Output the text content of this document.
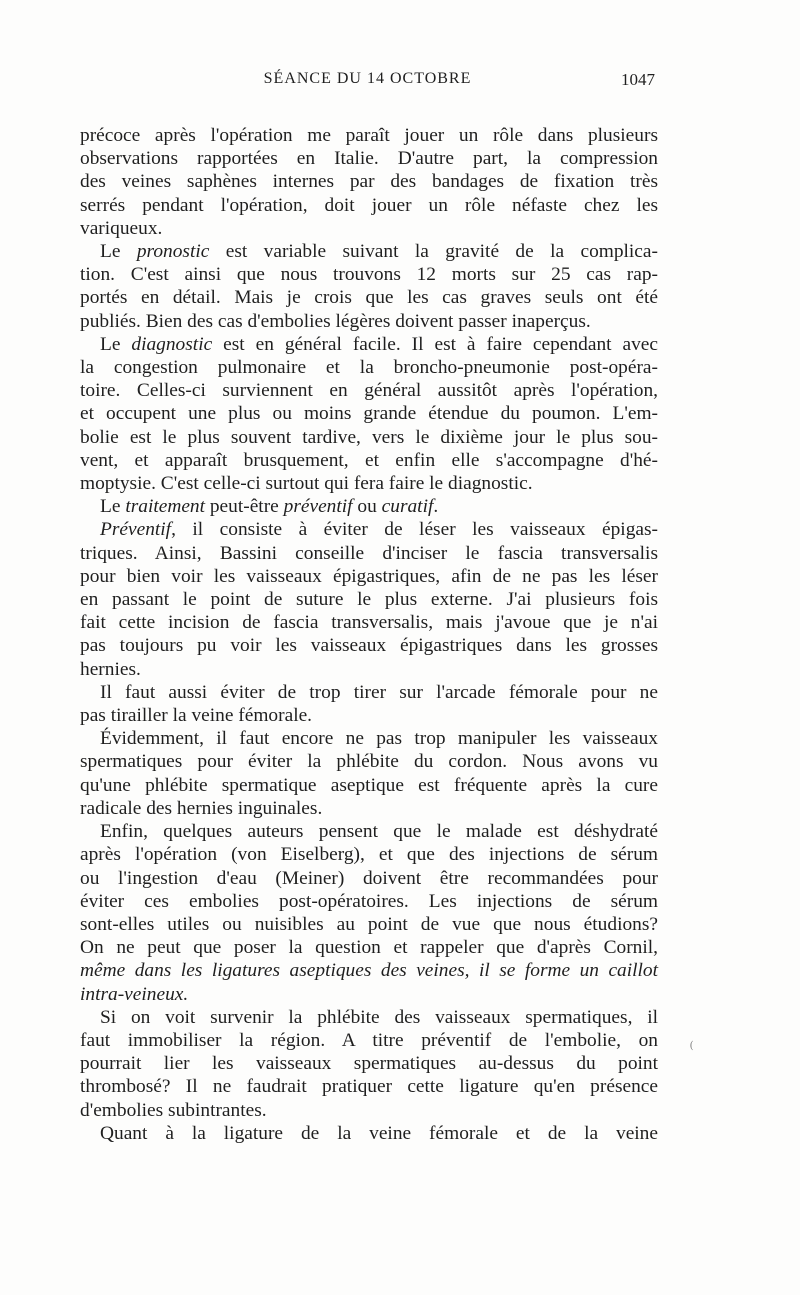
SÉANCE DU 14 OCTOBRE	1047
précoce après l'opération me paraît jouer un rôle dans plusieurs
observations rapportées en Italie. D'autre part, la compression
des veines saphènes internes par des bandages de fixation très
serrés pendant l'opération, doit jouer un rôle néfaste chez les
variqueux.
Le pronostic est variable suivant la gravité de la complica-
tion. C'est ainsi que nous trouvons 12 morts sur 25 cas rap-
portés en détail. Mais je crois que les cas graves seuls ont été
publiés. Bien des cas d'embolies légères doivent passer inaperçus.
Le diagnostic est en général facile. Il est à faire cependant avec
la congestion pulmonaire et la broncho-pneumonie post-opéra-
toire. Celles-ci surviennent en général aussitôt après l'opération,
et occupent une plus ou moins grande étendue du poumon. L'em-
bolie est le plus souvent tardive, vers le dixième jour le plus sou-
vent, et apparaît brusquement, et enfin elle s'accompagne d'hé-
moptysie. C'est celle-ci surtout qui fera faire le diagnostic.
Le traitement peut-être préventif ou curatif.
Préventif, il consiste à éviter de léser les vaisseaux épigas-
triques. Ainsi, Bassini conseille d'inciser le fascia transversalis
pour bien voir les vaisseaux épigastriques, afin de ne pas les léser
en passant le point de suture le plus externe. J'ai plusieurs fois
fait cette incision de fascia transversalis, mais j'avoue que je n'ai
pas toujours pu voir les vaisseaux épigastriques dans les grosses
hernies.
Il faut aussi éviter de trop tirer sur l'arcade fémorale pour ne
pas tirailler la veine fémorale.
Évidemment, il faut encore ne pas trop manipuler les vaisseaux
spermatiques pour éviter la phlébite du cordon. Nous avons vu
qu'une phlébite spermatique aseptique est fréquente après la cure
radicale des hernies inguinales.
Enfin, quelques auteurs pensent que le malade est déshydraté
après l'opération (von Eiselberg), et que des injections de sérum
ou l'ingestion d'eau (Meiner) doivent être recommandées pour
éviter ces embolies post-opératoires. Les injections de sérum
sont-elles utiles ou nuisibles au point de vue que nous étudions?
On ne peut que poser la question et rappeler que d'après Cornil,
même dans les ligatures aseptiques des veines, il se forme un caillot
intra-veineux.
Si on voit survenir la phlébite des vaisseaux spermatiques, il
faut immobiliser la région. A titre préventif de l'embolie, on
pourrait lier les vaisseaux spermatiques au-dessus du point
thrombosé? Il ne faudrait pratiquer cette ligature qu'en présence
d'embolies subintrantes.
Quant à la ligature de la veine fémorale et de la veine
(
